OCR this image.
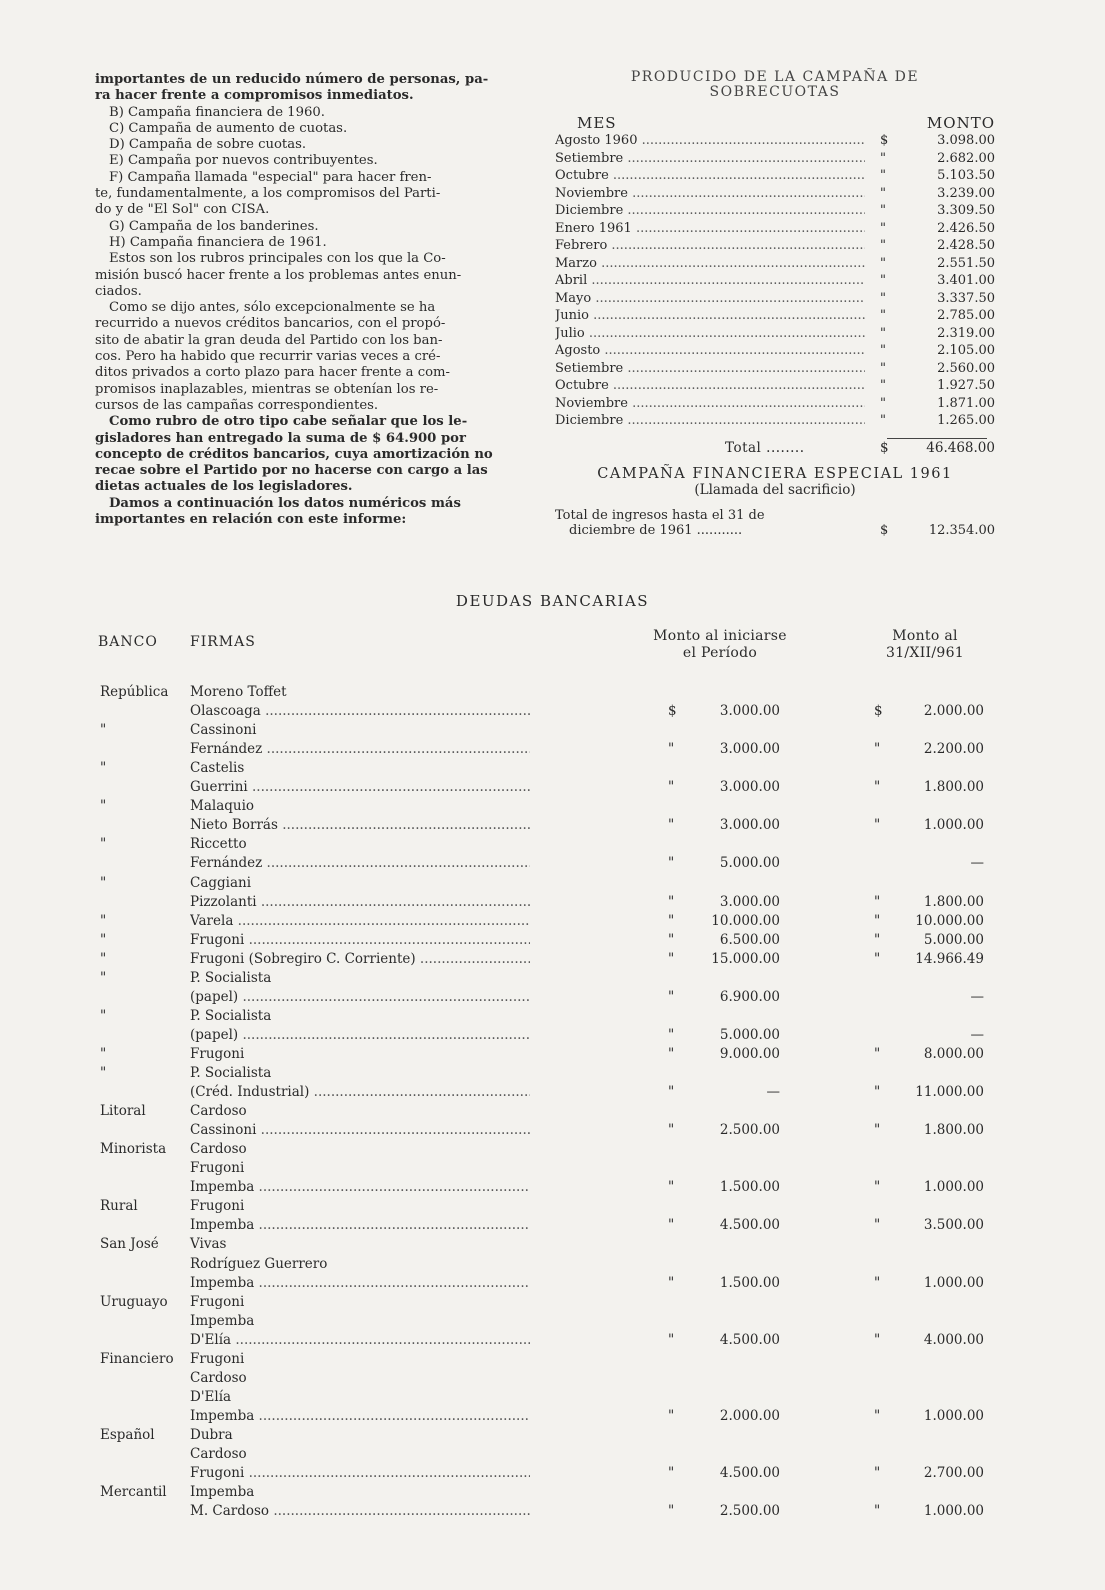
importantes de un reducido número de personas, pa-

ra hacer frente a compromisos inmediatos.

B) Campaña financiera de 1960.

C) Campaña de aumento de cuotas.

D) Campaña de sobre cuotas.

E) Campaña por nuevos contribuyentes.

F) Campaña llamada "especial" para hacer fren-

te, fundamentalmente, a los compromisos del Parti-

do y de "El Sol" con CISA.

G) Campaña de los banderines.

H) Campaña financiera de 1961.

Estos son los rubros principales con los que la Co-

misión buscó hacer frente a los problemas antes enun-

ciados.

Como se dijo antes, sólo excepcionalmente se ha

recurrido a nuevos créditos bancarios, con el propó-

sito de abatir la gran deuda del Partido con los ban-

cos. Pero ha habido que recurrir varias veces a cré-

ditos privados a corto plazo para hacer frente a com-

promisos inaplazables, mientras se obtenían los re-

cursos de las campañas correspondientes.

Como rubro de otro tipo cabe señalar que los le-

gisladores han entregado la suma de $ 64.900 por

concepto de créditos bancarios, cuya amortización no

recae sobre el Partido por no hacerse con cargo a las

dietas actuales de los legisladores.

Damos a continuación los datos numéricos más

importantes en relación con este informe:

PRODUCIDO DE LA CAMPAÑA DE
SOBRECUOTAS
MES	MONTO
Agosto 1960 .....	$	3.098.00
Setiembre .....	"	2.682.00
Octubre .....	"	5.103.50
Noviembre .....	"	3.239.00
Diciembre .....	"	3.309.50
Enero 1961 .....	"	2.426.50
Febrero .....	"	2.428.50
Marzo .....	"	2.551.50
Abril .....	"	3.401.00
Mayo .....	"	3.337.50
Junio .....	"	2.785.00
Julio .....	"	2.319.00
Agosto .....	"	2.105.00
Setiembre .....	"	2.560.00
Octubre .....	"	1.927.50
Noviembre .....	"	1.871.00
Diciembre .....	"	1.265.00
Total ........	$	46.468.00
CAMPAÑA FINANCIERA ESPECIAL 1961
(Llamada del sacrificio)
Total de ingresos hasta el 31 de
diciembre de 1961 ...........	$	12.354.00
DEUDAS BANCARIAS
BANCO FIRMAS	Monto al iniciarse
el Período
Monto al
31/XII/961
República Moreno Toffet
Olascoaga .....	$	3.000.00	$	2.000.00
"	Cassinoni
Fernández .....	"	3.000.00	"	2.200.00
"	Castelis
Guerrini .....	"	3.000.00	"	1.800.00
"	Malaquio
Nieto Borrás .....	"	3.000.00	"	1.000.00
"	Riccetto
Fernández .....	"	5.000.00	—
"	Caggiani
Pizzolanti .....	"	3.000.00	"	1.800.00
"	Varela .....	"	10.000.00	"	10.000.00
"	Frugoni .....	"	6.500.00	"	5.000.00
"	Frugoni (Sobregiro C. Corriente) .....	"	15.000.00	"	14.966.49
"	P. Socialista
(papel) .....	"	6.900.00	—
"	P. Socialista
(papel) .....	"	5.000.00	—
"	Frugoni	"	9.000.00	"	8.000.00
"	P. Socialista
(Créd. Industrial) .....	"	—	"	11.000.00
Litoral	Cardoso
Cassinoni .....	"	2.500.00	"	1.800.00
Minorista Cardoso
Frugoni
Impemba .....	"	1.500.00	"	1.000.00
Rural	Frugoni
Impemba .....	"	4.500.00	"	3.500.00
San José Vivas
Rodríguez Guerrero
Impemba .....	"	1.500.00	"	1.000.00
Uruguayo Frugoni
Impemba
D'Elía .....	"	4.500.00	"	4.000.00
Financiero Frugoni
Cardoso
D'Elía
Impemba .....	"	2.000.00	"	1.000.00
Español	Dubra
Cardoso
Frugoni .....	"	4.500.00	"	2.700.00
Mercantil Impemba
M. Cardoso .....	"	2.500.00	"	1.000.00
